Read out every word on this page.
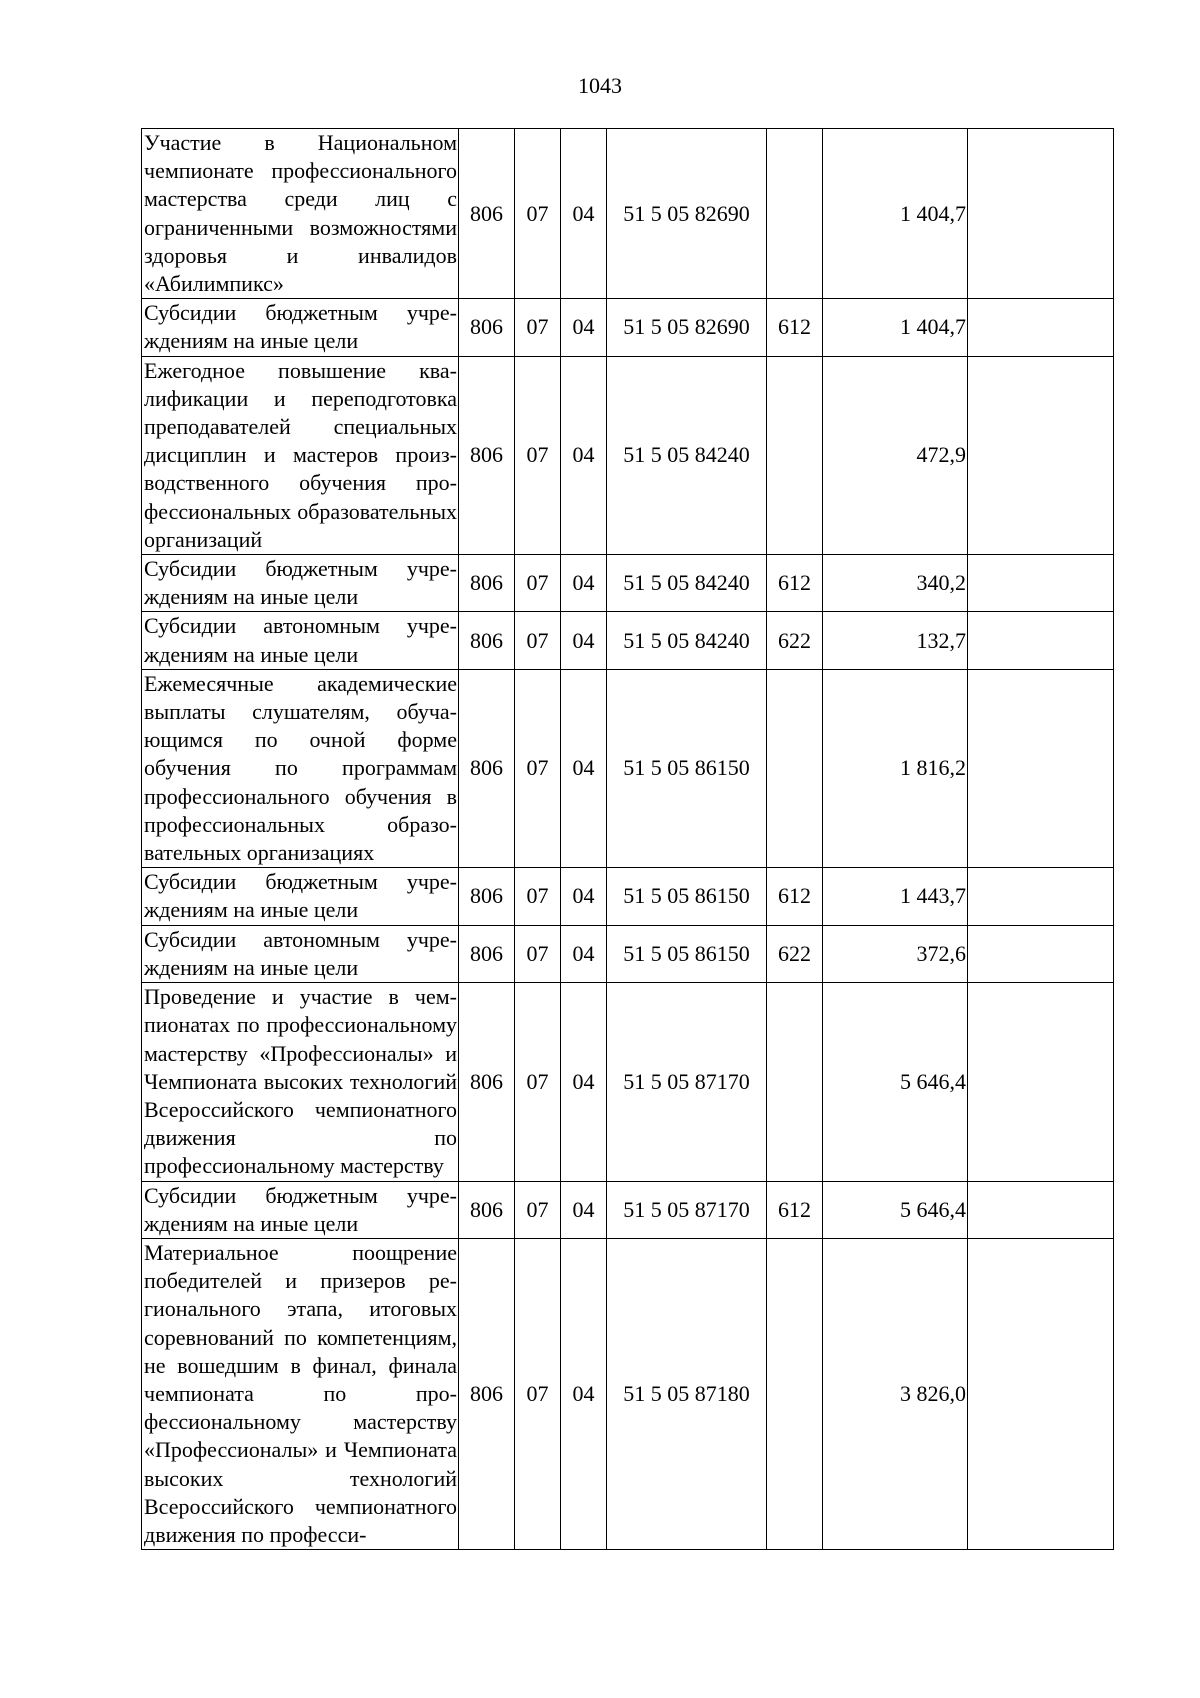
1043
Участие в Национальном чемпионате профессионального мастерства среди лиц с ограниченными возможностями здоровья и инвалидов «Абилимпикс»	806	07	04	51 5 05 82690		1 404,7	
Субсидии бюджетным учреждениям на иные цели	806	07	04	51 5 05 82690	612	1 404,7	
Ежегодное повышение квалификации и переподготовка преподавателей специальных дисциплин и мастеров производственного обучения профессиональных образовательных организаций	806	07	04	51 5 05 84240		472,9	
Субсидии бюджетным учреждениям на иные цели	806	07	04	51 5 05 84240	612	340,2	
Субсидии автономным учреждениям на иные цели	806	07	04	51 5 05 84240	622	132,7	
Ежемесячные академические выплаты слушателям, обучающимся по очной форме обучения по программам профессионального обучения в профессиональных образовательных организациях	806	07	04	51 5 05 86150		1 816,2	
Субсидии бюджетным учреждениям на иные цели	806	07	04	51 5 05 86150	612	1 443,7	
Субсидии автономным учреждениям на иные цели	806	07	04	51 5 05 86150	622	372,6	
Проведение и участие в чемпионатах по профессиональному мастерству «Профессионалы» и Чемпионата высоких технологий Всероссийского чемпионатного движения по профессиональному мастерству	806	07	04	51 5 05 87170		5 646,4	
Субсидии бюджетным учреждениям на иные цели	806	07	04	51 5 05 87170	612	5 646,4	
Материальное поощрение победителей и призеров регионального этапа, итоговых соревнований по компетенциям, не вошедшим в финал, финала чемпионата по профессиональному мастерству «Профессионалы» и Чемпионата высоких технологий Всероссийского чемпионатного движения по професси-	806	07	04	51 5 05 87180		3 826,0	
